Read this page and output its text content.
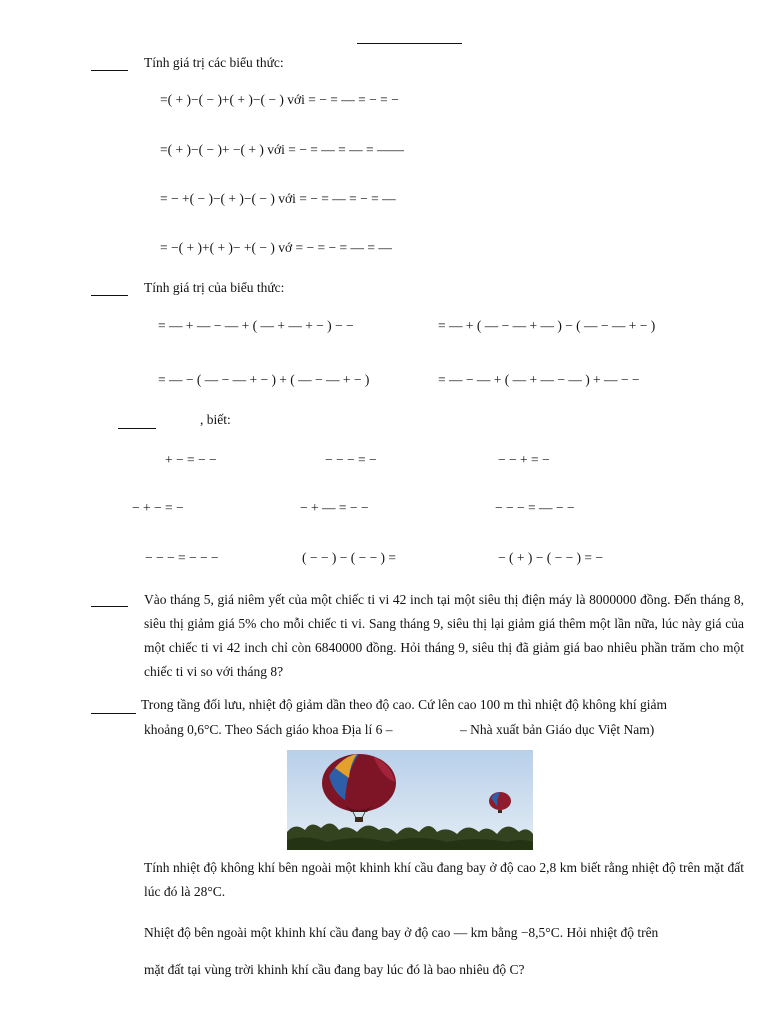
Tính giá trị các biểu thức:
=( + )−( − )+( + )−( − ) với = − = — = − = −
=( + )−( − )+ −( + ) với = − = — = — = ——
= − +( − )−( + )−( − ) với = − = — = − = —
= −( + )+( + )− +( − ) vớ = − = − = — = —
Tính giá trị của biểu thức:
= — + — − — + ( — + — + − ) − −	= — + ( — − — + — ) − ( — − — + − )
= — − ( — − — + − ) + ( — − — + − )	= — − — + ( — + — − — ) + — − −
, biết:
+ − = − −	− − − = −	− − + = −
− + − = −	− + — = − −	− − − = — − −
− − − = − − −	( − − ) − ( − − ) =	− ( + ) − ( − − ) = −
Vào tháng 5, giá niêm yết của một chiếc ti vi 42 inch tại một siêu thị điện máy là 8000000 đồng. Đến tháng 8, siêu thị giảm giá 5% cho mỗi chiếc ti vi. Sang tháng 9, siêu thị lại giảm giá thêm một lần nữa, lúc này giá của một chiếc ti vi 42 inch chỉ còn 6840000 đồng. Hỏi tháng 9, siêu thị đã giảm giá bao nhiêu phần trăm cho một chiếc ti vi so với tháng 8?
Trong tầng đối lưu, nhiệt độ giảm dần theo độ cao. Cứ lên cao 100 m thì nhiệt độ không khí giảm
khoảng 0,6°C. Theo Sách giáo khoa Địa lí 6 –	– Nhà xuất bản Giáo dục Việt Nam)
Tính nhiệt độ không khí bên ngoài một khinh khí cầu đang bay ở độ cao 2,8 km biết rằng nhiệt độ trên mặt đất lúc đó là 28°C.
Nhiệt độ bên ngoài một khinh khí cầu đang bay ở độ cao — km bằng −8,5°C. Hỏi nhiệt độ trên
mặt đất tại vùng trời khinh khí cầu đang bay lúc đó là bao nhiêu độ C?
